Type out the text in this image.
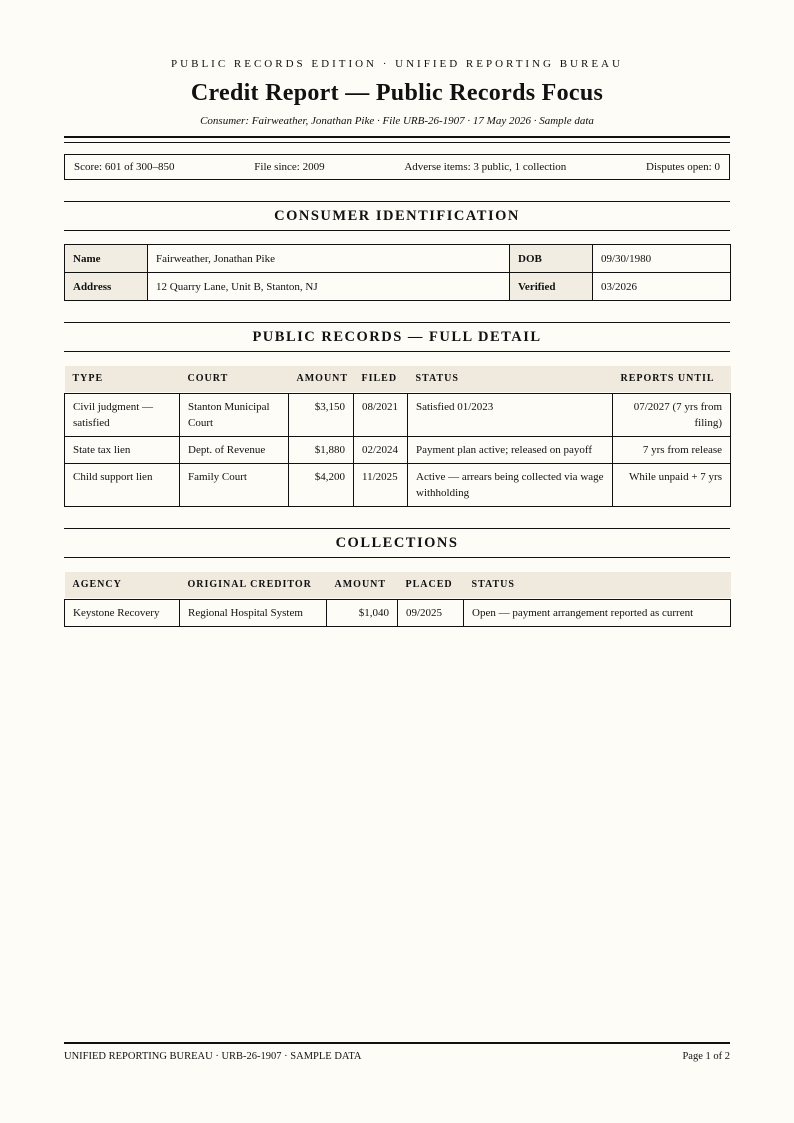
PUBLIC RECORDS EDITION · UNIFIED REPORTING BUREAU
Credit Report — Public Records Focus
Consumer: Fairweather, Jonathan Pike · File URB-26-1907 · 17 May 2026 · Sample data
Score: 601 of 300–850	File since: 2009	Adverse items: 3 public, 1 collection	Disputes open: 0
CONSUMER IDENTIFICATION
Name	Fairweather, Jonathan Pike	DOB	09/30/1980
Address	12 Quarry Lane, Unit B, Stanton, NJ	Verified	03/2026
PUBLIC RECORDS — FULL DETAIL
TYPE	COURT	AMOUNT	FILED	STATUS	REPORTS UNTIL

Civil judgment — satisfied	Stanton Municipal Court	$3,150	08/2021	Satisfied 01/2023	07/2027 (7 yrs from filing)
State tax lien	Dept. of Revenue	$1,880	02/2024	Payment plan active; released on payoff	7 yrs from release
Child support lien	Family Court	$4,200	11/2025	Active — arrears being collected via wage withholding	While unpaid + 7 yrs
COLLECTIONS
AGENCY	ORIGINAL CREDITOR	AMOUNT	PLACED	STATUS

Keystone Recovery	Regional Hospital System	$1,040	09/2025	Open — payment arrangement reported as current
UNIFIED REPORTING BUREAU · URB-26-1907 · SAMPLE DATA	Page 1 of 2
